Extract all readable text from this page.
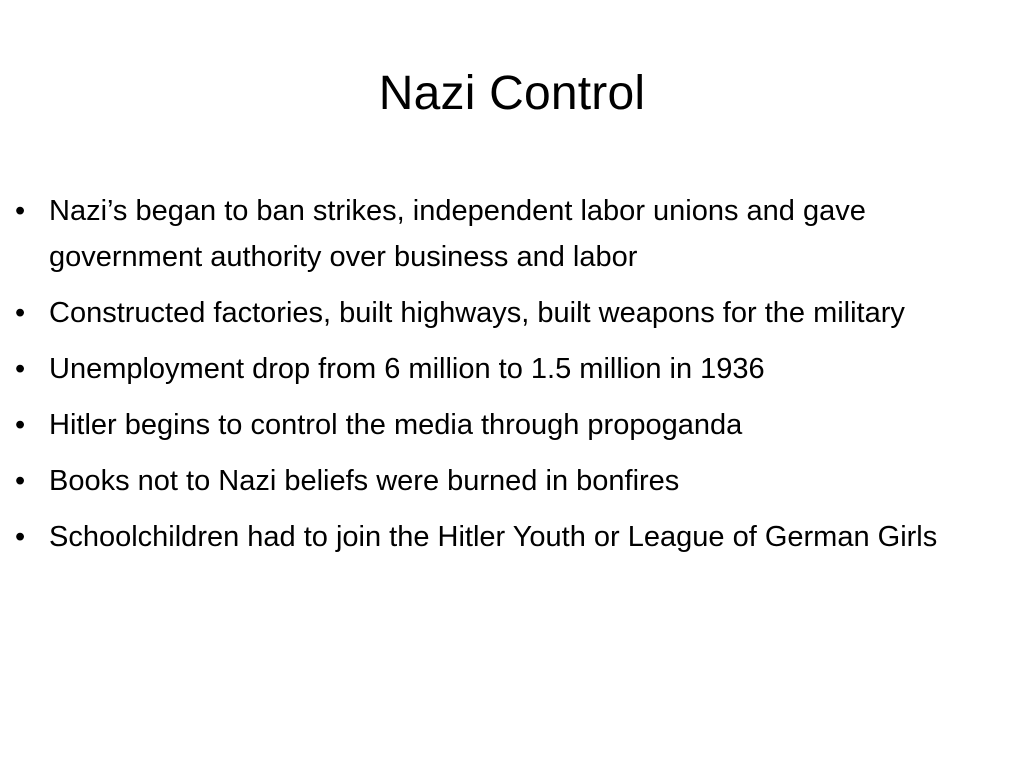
Nazi Control
• Nazi’s began to ban strikes, independent labor unions and gave government authority over business and labor
• Constructed factories, built highways, built weapons for the military
• Unemployment drop from 6 million to 1.5 million in 1936
• Hitler begins to control the media through propoganda
• Books not to Nazi beliefs were burned in bonfires
• Schoolchildren had to join the Hitler Youth or League of German Girls
